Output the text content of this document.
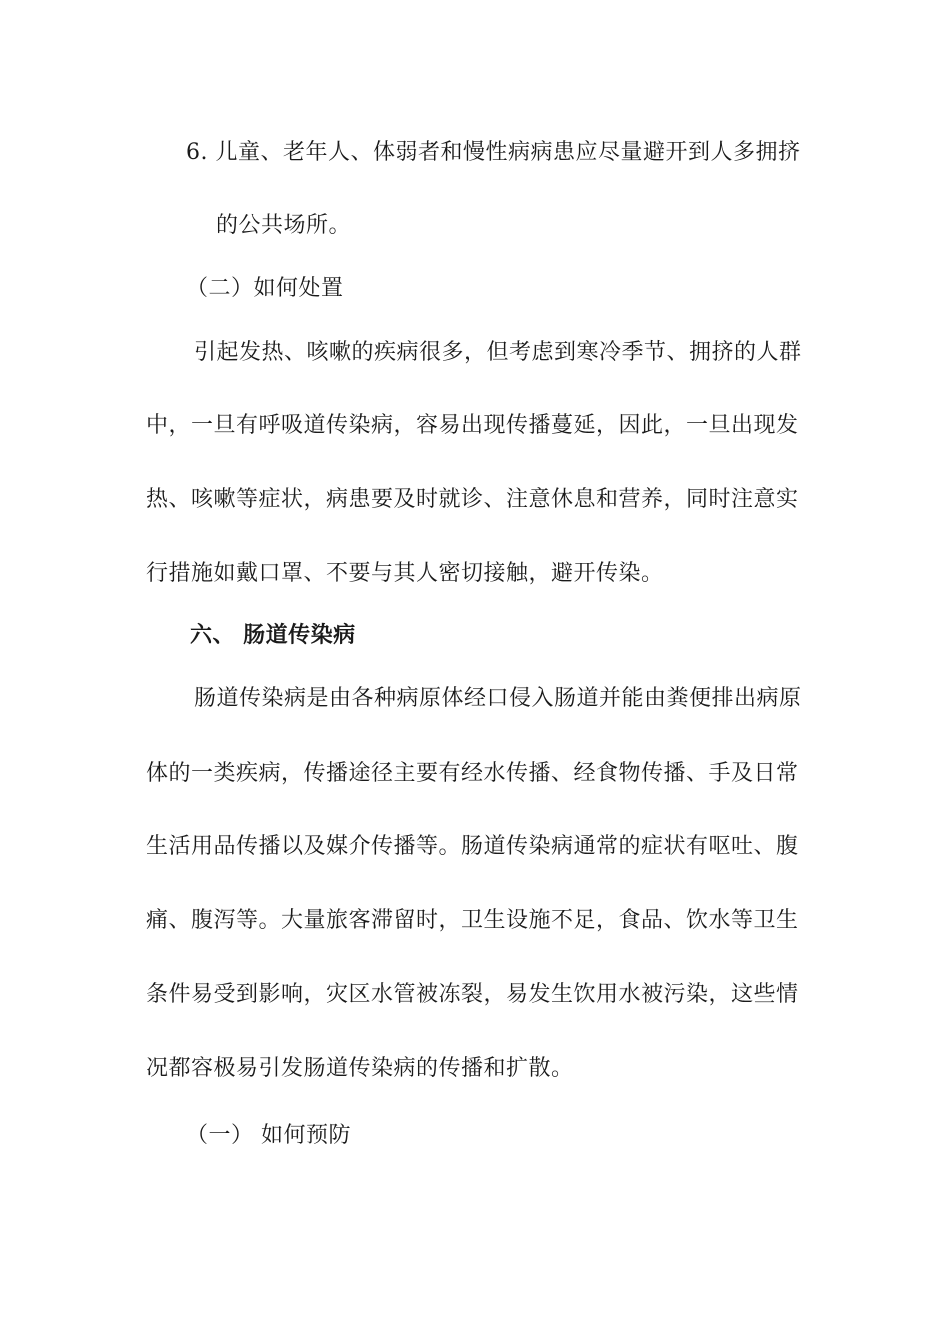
6. 儿童、老年人、体弱者和慢性病病患应尽量避开到人多拥挤
的公共场所。
（二）如何处置
引起发热、咳嗽的疾病很多，但考虑到寒冷季节、拥挤的人群
中，一旦有呼吸道传染病，容易出现传播蔓延，因此，一旦出现发
热、咳嗽等症状，病患要及时就诊、注意休息和营养，同时注意实
行措施如戴口罩、不要与其人密切接触，避开传染。
六、 肠道传染病
肠道传染病是由各种病原体经口侵入肠道并能由粪便排出病原
体的一类疾病，传播途径主要有经水传播、经食物传播、手及日常
生活用品传播以及媒介传播等。肠道传染病通常的症状有呕吐、腹
痛、腹泻等。大量旅客滞留时，卫生设施不足，食品、饮水等卫生
条件易受到影响，灾区水管被冻裂，易发生饮用水被污染，这些情
况都容极易引发肠道传染病的传播和扩散。
（一） 如何预防
